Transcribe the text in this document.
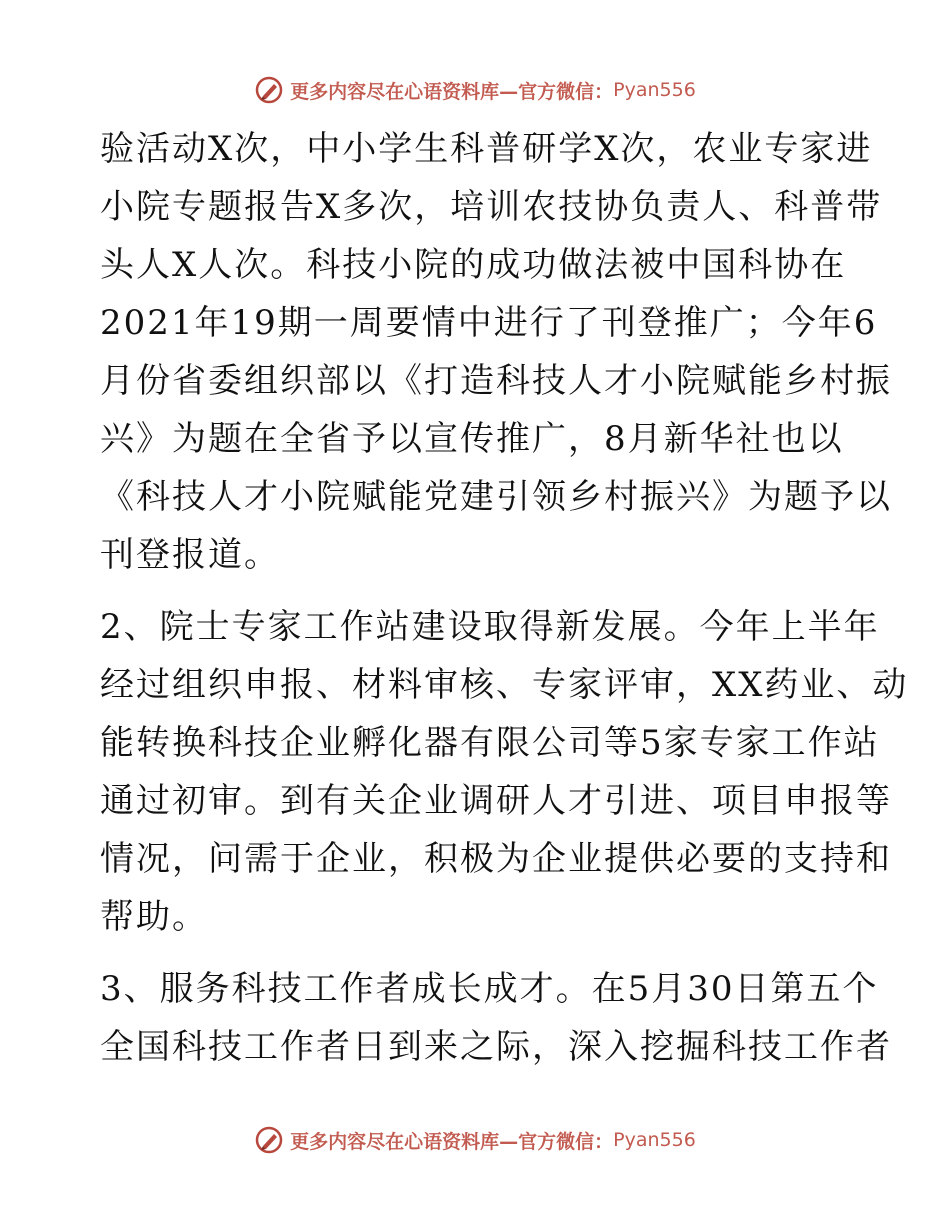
更多内容尽在心语资料库—官方微信： Pyan556
验活动X次，中小学生科普研学X次，农业专家进
小院专题报告X多次，培训农技协负责人、科普带
头人X人次。科技小院的成功做法被中国科协在
2021年19期一周要情中进行了刊登推广；今年6
月份省委组织部以《打造科技人才小院赋能乡村振
兴》为题在全省予以宣传推广，8月新华社也以
《科技人才小院赋能党建引领乡村振兴》为题予以
刊登报道。
2、院士专家工作站建设取得新发展。今年上半年
经过组织申报、材料审核、专家评审，XX药业、动
能转换科技企业孵化器有限公司等5家专家工作站
通过初审。到有关企业调研人才引进、项目申报等
情况，问需于企业，积极为企业提供必要的支持和
帮助。
3、服务科技工作者成长成才。在5月30日第五个
全国科技工作者日到来之际，深入挖掘科技工作者
更多内容尽在心语资料库—官方微信： Pyan556
